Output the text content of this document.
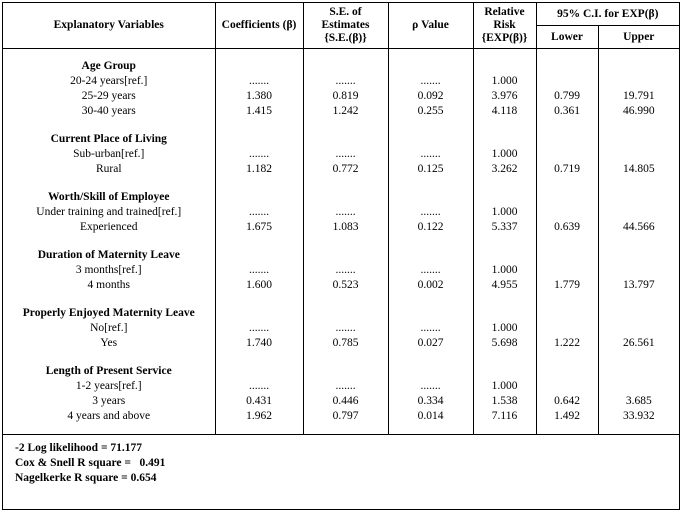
Explanatory Variables	Coefficients (β)	S.E. of Estimates {S.E.(β)}	ρ Value	Relative Risk {EXP(β)}	95% C.I. for EXP(β)	
					Lower	Upper

Age Group						
20-24 years[ref.]	.......	.......	.......	1.000		
25-29 years	1.380	0.819	0.092	3.976	0.799	19.791
30-40 years	1.415	1.242	0.255	4.118	0.361	46.990

Current Place of Living						
Sub-urban[ref.]	.......	.......	.......	1.000		
Rural	1.182	0.772	0.125	3.262	0.719	14.805

Worth/Skill of Employee						
Under training and trained[ref.]	.......	.......	.......	1.000		
Experienced	1.675	1.083	0.122	5.337	0.639	44.566

Duration of Maternity Leave						
3 months[ref.]	.......	.......	.......	1.000		
4 months	1.600	0.523	0.002	4.955	1.779	13.797

Properly Enjoyed Maternity Leave						
No[ref.]	.......	.......	.......	1.000		
Yes	1.740	0.785	0.027	5.698	1.222	26.561

Length of Present Service						
1-2 years[ref.]	.......	.......	.......	1.000		
3 years	0.431	0.446	0.334	1.538	0.642	3.685
4 years and above	1.962	0.797	0.014	7.116	1.492	33.932

-2 Log likelihood = 71.177
Cox & Snell R square =   0.491
Nagelkerke R square = 0.654
